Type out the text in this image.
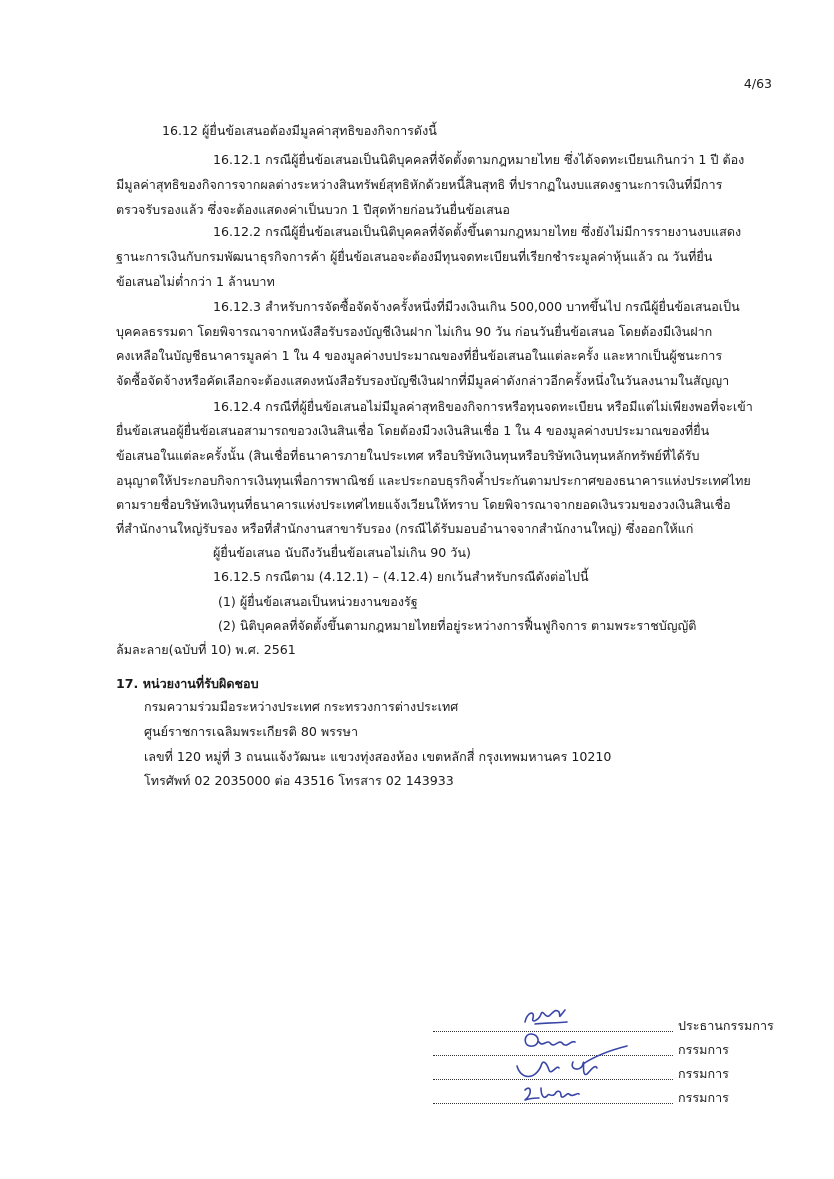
4/63
16.12 ผู้ยื่นข้อเสนอต้องมีมูลค่าสุทธิของกิจการดังนี้
16.12.1 กรณีผู้ยื่นข้อเสนอเป็นนิติบุคคลที่จัดตั้งตามกฎหมายไทย ซึ่งได้จดทะเบียนเกินกว่า 1 ปี ต้อง
มีมูลค่าสุทธิของกิจการจากผลต่างระหว่างสินทรัพย์สุทธิหักด้วยหนี้สินสุทธิ ที่ปรากฏในงบแสดงฐานะการเงินที่มีการ
ตรวจรับรองแล้ว ซึ่งจะต้องแสดงค่าเป็นบวก 1 ปีสุดท้ายก่อนวันยื่นข้อเสนอ
16.12.2 กรณีผู้ยื่นข้อเสนอเป็นนิติบุคคลที่จัดตั้งขึ้นตามกฎหมายไทย ซึ่งยังไม่มีการรายงานงบแสดง
ฐานะการเงินกับกรมพัฒนาธุรกิจการค้า ผู้ยื่นข้อเสนอจะต้องมีทุนจดทะเบียนที่เรียกชำระมูลค่าหุ้นแล้ว ณ วันที่ยื่น
ข้อเสนอไม่ต่ำกว่า 1 ล้านบาท
16.12.3 สำหรับการจัดซื้อจัดจ้างครั้งหนึ่งที่มีวงเงินเกิน 500,000 บาทขึ้นไป กรณีผู้ยื่นข้อเสนอเป็น
บุคคลธรรมดา โดยพิจารณาจากหนังสือรับรองบัญชีเงินฝาก ไม่เกิน 90 วัน ก่อนวันยื่นข้อเสนอ โดยต้องมีเงินฝาก
คงเหลือในบัญชีธนาคารมูลค่า 1 ใน 4 ของมูลค่างบประมาณของที่ยื่นข้อเสนอในแต่ละครั้ง และหากเป็นผู้ชนะการ
จัดซื้อจัดจ้างหรือคัดเลือกจะต้องแสดงหนังสือรับรองบัญชีเงินฝากที่มีมูลค่าดังกล่าวอีกครั้งหนึ่งในวันลงนามในสัญญา
16.12.4 กรณีที่ผู้ยื่นข้อเสนอไม่มีมูลค่าสุทธิของกิจการหรือทุนจดทะเบียน หรือมีแต่ไม่เพียงพอที่จะเข้า
ยื่นข้อเสนอผู้ยื่นข้อเสนอสามารถขอวงเงินสินเชื่อ โดยต้องมีวงเงินสินเชื่อ 1 ใน 4 ของมูลค่างบประมาณของที่ยื่น
ข้อเสนอในแต่ละครั้งนั้น (สินเชื่อที่ธนาคารภายในประเทศ หรือบริษัทเงินทุนหรือบริษัทเงินทุนหลักทรัพย์ที่ได้รับ
อนุญาตให้ประกอบกิจการเงินทุนเพื่อการพาณิชย์ และประกอบธุรกิจค้ำประกันตามประกาศของธนาคารแห่งประเทศไทย
ตามรายชื่อบริษัทเงินทุนที่ธนาคารแห่งประเทศไทยแจ้งเวียนให้ทราบ โดยพิจารณาจากยอดเงินรวมของวงเงินสินเชื่อ
ที่สำนักงานใหญ่รับรอง หรือที่สำนักงานสาขารับรอง (กรณีได้รับมอบอำนาจจากสำนักงานใหญ่) ซึ่งออกให้แก่
ผู้ยื่นข้อเสนอ นับถึงวันยื่นข้อเสนอไม่เกิน 90 วัน)
16.12.5 กรณีตาม (4.12.1) – (4.12.4) ยกเว้นสำหรับกรณีดังต่อไปนี้
(1) ผู้ยื่นข้อเสนอเป็นหน่วยงานของรัฐ
(2) นิติบุคคลที่จัดตั้งขึ้นตามกฎหมายไทยที่อยู่ระหว่างการฟื้นฟูกิจการ ตามพระราชบัญญัติ
ล้มละลาย(ฉบับที่ 10) พ.ศ. 2561
17. หน่วยงานที่รับผิดชอบ
กรมความร่วมมือระหว่างประเทศ กระทรวงการต่างประเทศ
ศูนย์ราชการเฉลิมพระเกียรติ 80 พรรษา
เลขที่ 120 หมู่ที่ 3 ถนนแจ้งวัฒนะ แขวงทุ่งสองห้อง เขตหลักสี่ กรุงเทพมหานคร 10210
โทรศัพท์ 02 2035000 ต่อ 43516 โทรสาร 02 143933
ประธานกรรมการ
กรรมการ
กรรมการ
กรรมการ
